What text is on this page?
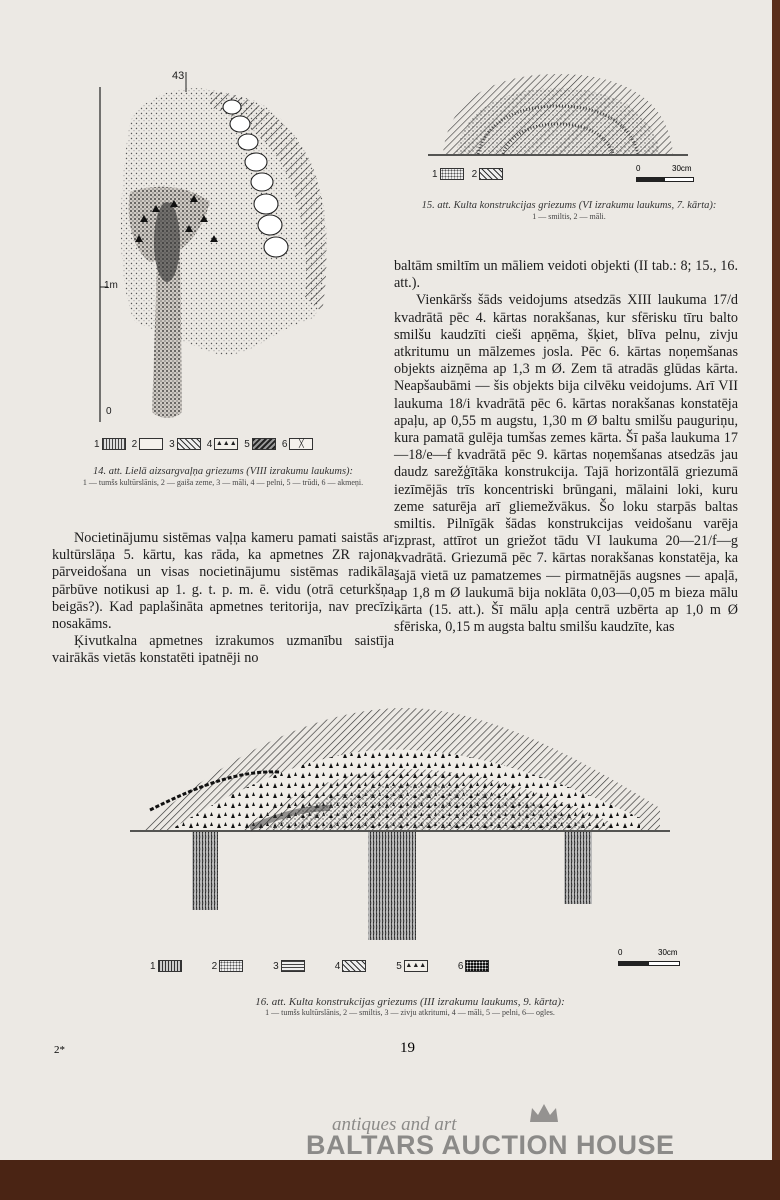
43
1m
0
1	2	3	4 ▲▲▲ 5	6	╳

14. att. Lielā aizsargvaļņa griezums (VIII izrakumu laukums):

1 — tumšs kultūrslānis, 2 — gaiša zeme, 3 — māli, 4 — pelni, 5 — trūdi, 6 — akmeņi.

1	2	0	30cm

15. att. Kulta konstrukcijas griezums (VI izrakumu laukums, 7. kārta):

1 — smiltis, 2 — māli.

Nocietinājumu sistēmas vaļņa kameru pamati saistās ar kultūrslāņa 5. kārtu, kas rāda, ka apmetnes ZR rajona pārveidošana un visas nocietinājumu sistēmas radikāla pārbūve notikusi ap 1. g. t. p. m. ē. vidu (otrā ceturkšņa beigās?). Kad paplašināta apmetnes teritorija, nav precīzi nosakāms.

Ķivutkalna apmetnes izrakumos uzmanību saistīja vairākās vietās konstatēti ipatnēji no

baltām smiltīm un māliem veidoti objekti (II tab.: 8; 15., 16. att.).

Vienkāršs šāds veidojums atsedzās XIII laukuma 17/d kvadrātā pēc 4. kārtas norakšanas, kur sfērisku tīru balto smilšu kaudzīti cieši apņēma, šķiet, blīva pelnu, zivju atkritumu un mālzemes josla. Pēc 6. kārtas noņemšanas objekts aizņēma ap 1,3 m Ø. Zem tā atradās glūdas kārta. Neapšaubāmi — šis objekts bija cilvēku veidojums. Arī VII laukuma 18/i kvadrātā pēc 6. kārtas norakšanas konstatēja apaļu, ap 0,55 m augstu, 1,30 m Ø baltu smilšu pauguriņu, kura pamatā gulēja tumšas zemes kārta. Šī paša laukuma 17—18/e—f kvadrātā pēc 9. kārtas noņemšanas atsedzās jau daudz sarežģītāka konstrukcija. Tajā horizontālā griezumā iezīmējās trīs koncentriski brūngani, mālaini loki, kuru zeme saturēja arī gliemežvākus. Šo loku starpās baltas smiltis. Pilnīgāk šādas konstrukcijas veidošanu varēja izprast, attīrot un griežot tādu VI laukuma 20—21/f—g kvadrātā. Griezumā pēc 7. kārtas norakšanas konstatēja, ka šajā vietā uz pamatzemes — pirmatnējās augsnes — apaļā, ap 1,8 m Ø laukumā bija noklāta 0,03—0,05 m bieza mālu kārta (15. att.). Šī mālu apļa centrā uzbērta ap 1,0 m Ø sfēriska, 0,15 m augsta baltu smilšu kaudzīte, kas

1	2	3	4	5 ▲▲▲	6
0	30cm

16. att. Kulta konstrukcijas griezums (III izrakumu laukums, 9. kārta):

1 — tumšs kultūrslānis, 2 — smiltis, 3 — zivju atkritumi, 4 — māli, 5 — pelni, 6— ogles.

2*	19
antiques and art
BALTARS AUCTION HOUSE
